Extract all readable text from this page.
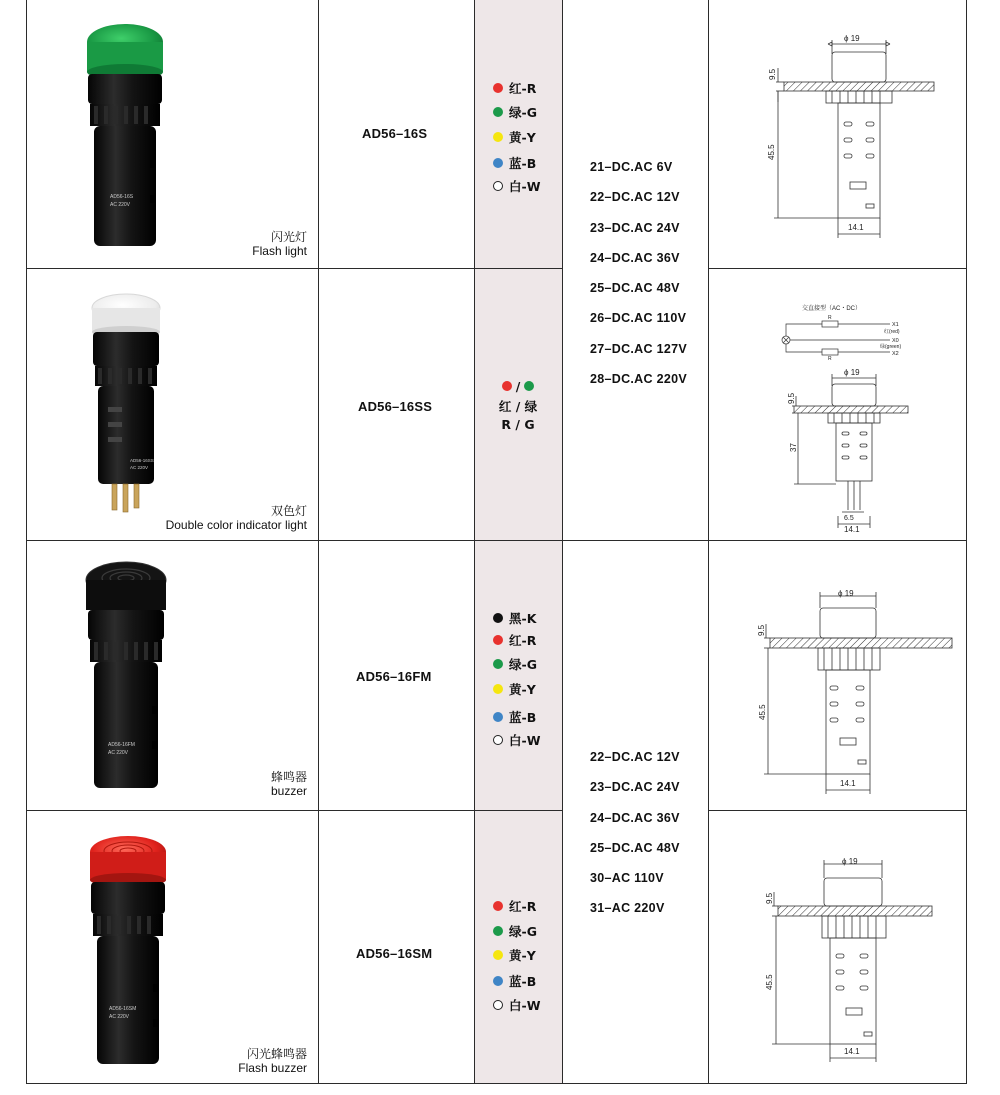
AD56-16S
AC 220V
AD56-16SS
AC 220V
AD56-16FM
AC 220V
AD56-16SM
AC 220V
闪光灯
Flash light
双色灯
Double color indicator light
蜂鸣器
buzzer
闪光蜂鸣器
Flash buzzer
AD56–16S
AD56–16SS
AD56–16FM
AD56–16SM
红-R
绿-G
黄-Y
蓝-B
白-W
/
红 / 绿
R / G
黑-K
红-R
绿-G
黄-Y
蓝-B
白-W
红-R
绿-G
黄-Y
蓝-B
白-W
21–DC.AC 6V
22–DC.AC 12V
23–DC.AC 24V
24–DC.AC 36V
25–DC.AC 48V
26–DC.AC 110V
27–DC.AC 127V
28–DC.AC 220V
22–DC.AC 12V
23–DC.AC 24V
24–DC.AC 36V
25–DC.AC 48V
30–AC 110V
31–AC 220V
ϕ 19
9.5
45.5
14.1
交直接型（AC・DC）
R
R
X1
红(red)
X0
绿(green)
X2
ϕ 19
9.5
37
6.5
14.1
ϕ 19
9.5
45.5
14.1
ϕ 19
9.5
45.5
14.1
